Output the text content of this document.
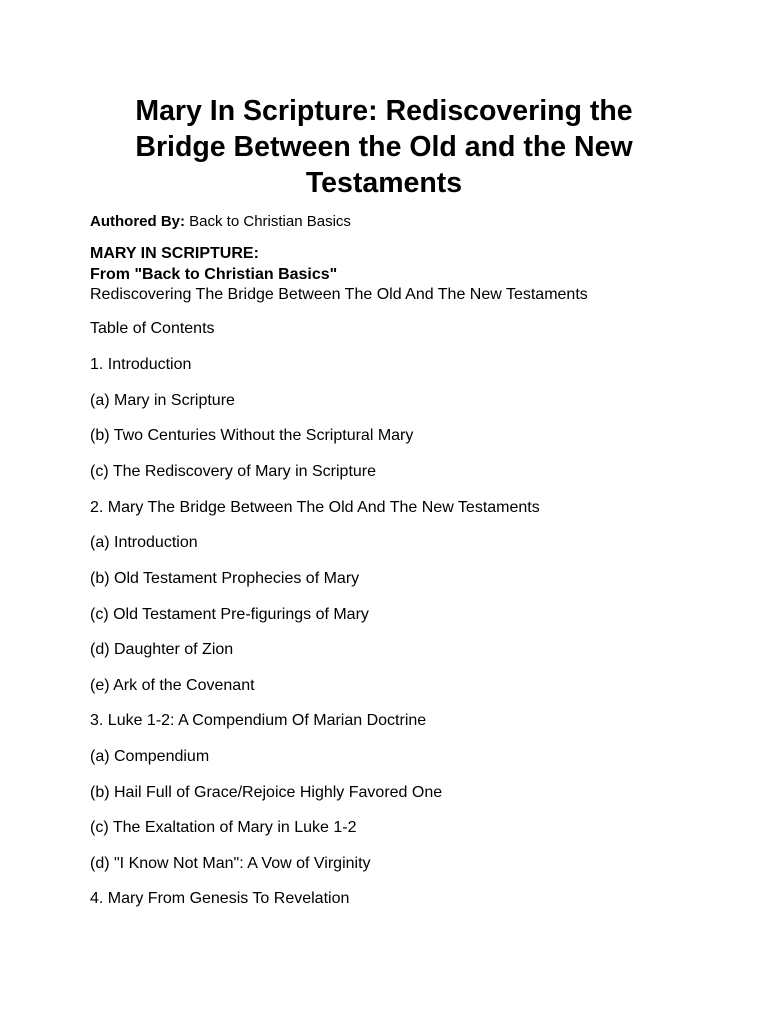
Mary In Scripture: Rediscovering the Bridge Between the Old and the New Testaments
Authored By: Back to Christian Basics
MARY IN SCRIPTURE:
From "Back to Christian Basics"
Rediscovering The Bridge Between The Old And The New Testaments
Table of Contents
1. Introduction
(a) Mary in Scripture
(b) Two Centuries Without the Scriptural Mary
(c) The Rediscovery of Mary in Scripture
2. Mary The Bridge Between The Old And The New Testaments
(a) Introduction
(b) Old Testament Prophecies of Mary
(c) Old Testament Pre-figurings of Mary
(d) Daughter of Zion
(e) Ark of the Covenant
3. Luke 1-2: A Compendium Of Marian Doctrine
(a) Compendium
(b) Hail Full of Grace/Rejoice Highly Favored One
(c) The Exaltation of Mary in Luke 1-2
(d) "I Know Not Man": A Vow of Virginity
4. Mary From Genesis To Revelation
